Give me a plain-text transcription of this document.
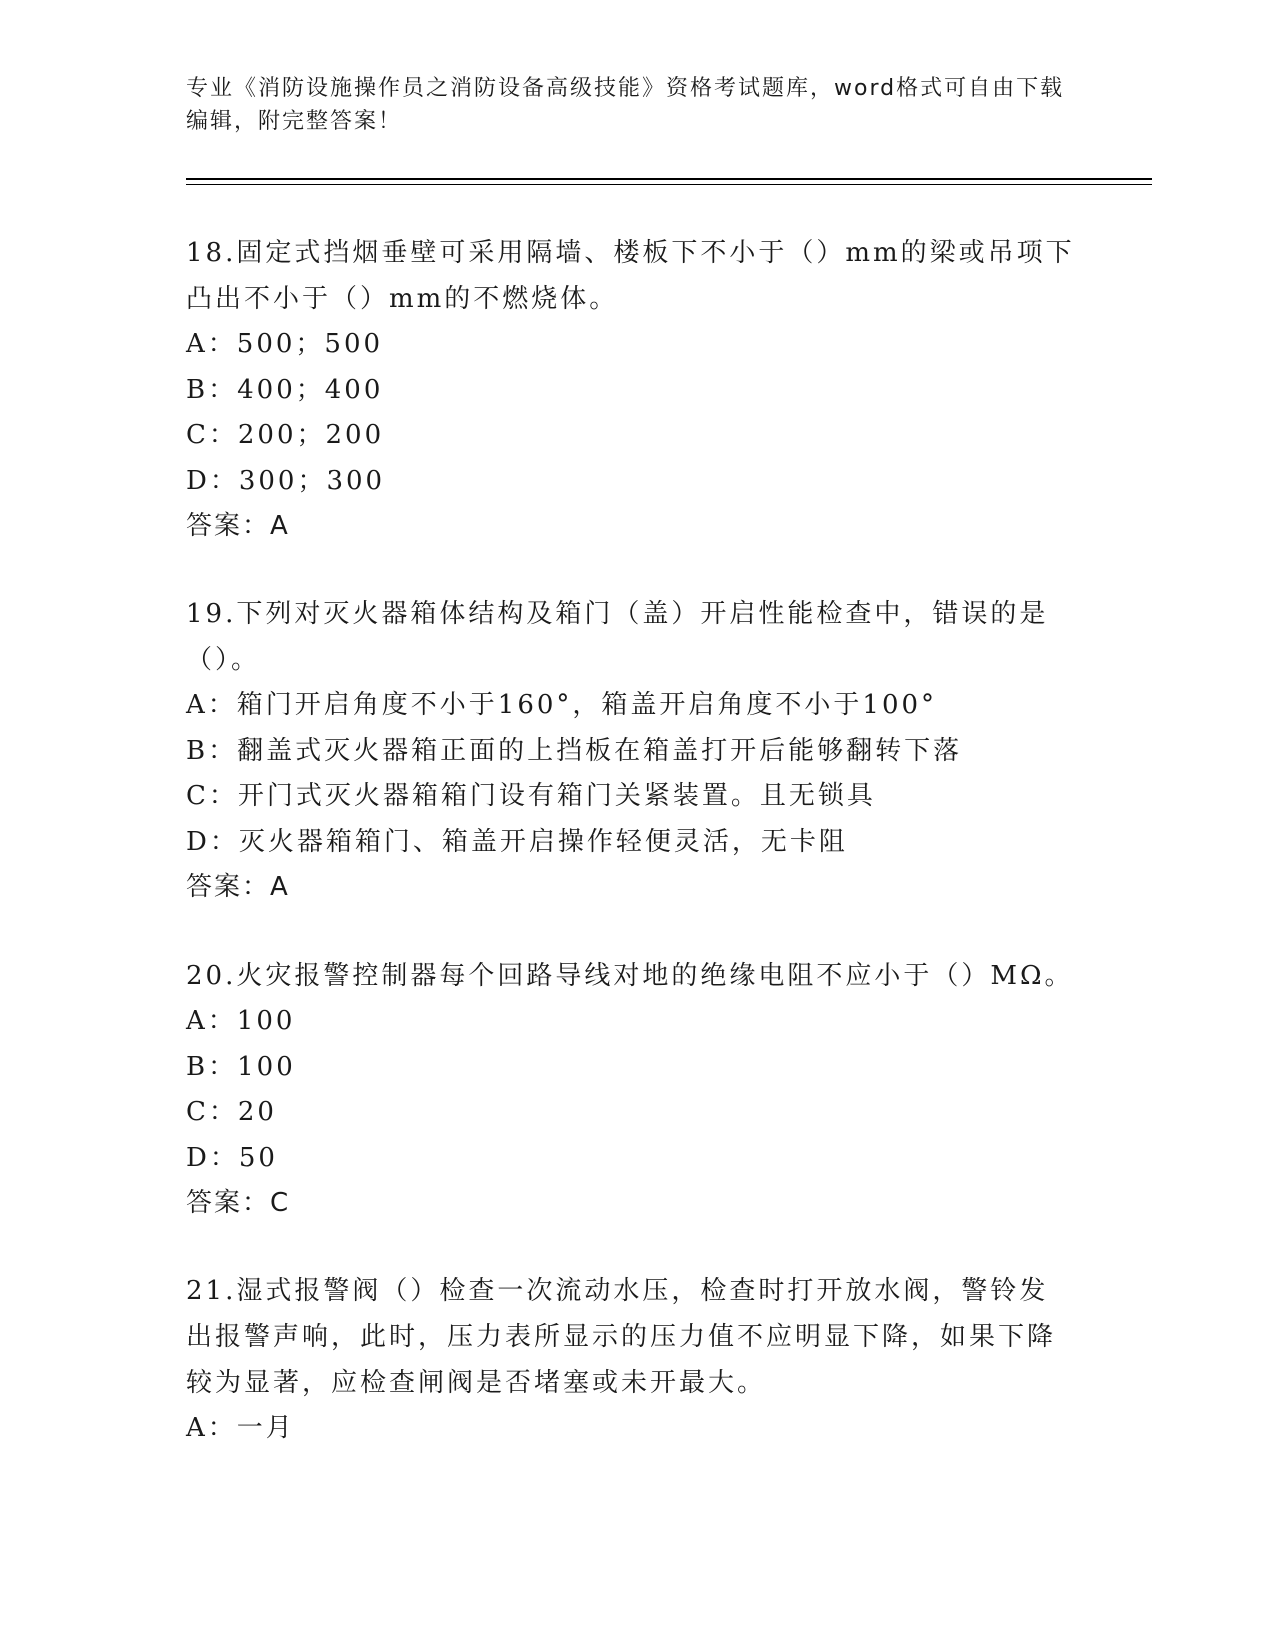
专业《消防设施操作员之消防设备高级技能》资格考试题库，word格式可自由下载编辑，附完整答案！
18.固定式挡烟垂壁可采用隔墙、楼板下不小于（）mm的梁或吊项下凸出不小于（）mm的不燃烧体。
A：500；500
B：400；400
C：200；200
D：300；300
答案：A
19.下列对灭火器箱体结构及箱门（盖）开启性能检查中，错误的是（）。
A：箱门开启角度不小于160°，箱盖开启角度不小于100°
B：翻盖式灭火器箱正面的上挡板在箱盖打开后能够翻转下落
C：开门式灭火器箱箱门设有箱门关紧装置。且无锁具
D：灭火器箱箱门、箱盖开启操作轻便灵活，无卡阻
答案：A
20.火灾报警控制器每个回路导线对地的绝缘电阻不应小于（）MΩ。
A：100
B：100
C：20
D：50
答案：C
21.湿式报警阀（）检查一次流动水压，检查时打开放水阀，警铃发出报警声响，此时，压力表所显示的压力值不应明显下降，如果下降较为显著，应检查闸阀是否堵塞或未开最大。
A：一月
